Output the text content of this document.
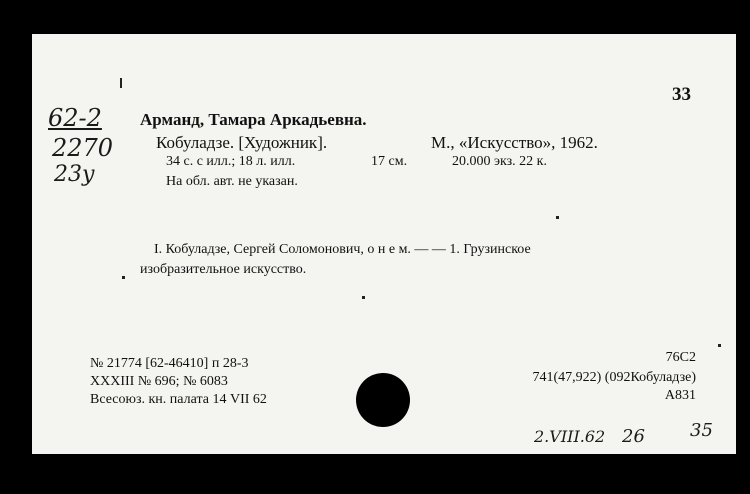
62-2
2270
23y
33
Арманд, Тамара Аркадьевна.
Кобуладзе. [Художник].	М., «Искусство», 1962.
34 с. с илл.; 18 л. илл.	17 см.	20.000 экз. 22 к.
На обл. авт. не указан.
I. Кобуладзе, Сергей Соломонович, о н е м. — — 1. Грузинское
изобразительное искусство.
№ 21774 [62-46410] п 28-3
XXXIII № 696; № 6083
Всесоюз. кн. палата 14 VII 62
76С2
741(47,922) (092Кобуладзе)
А831
2.VIII.62 26	35
